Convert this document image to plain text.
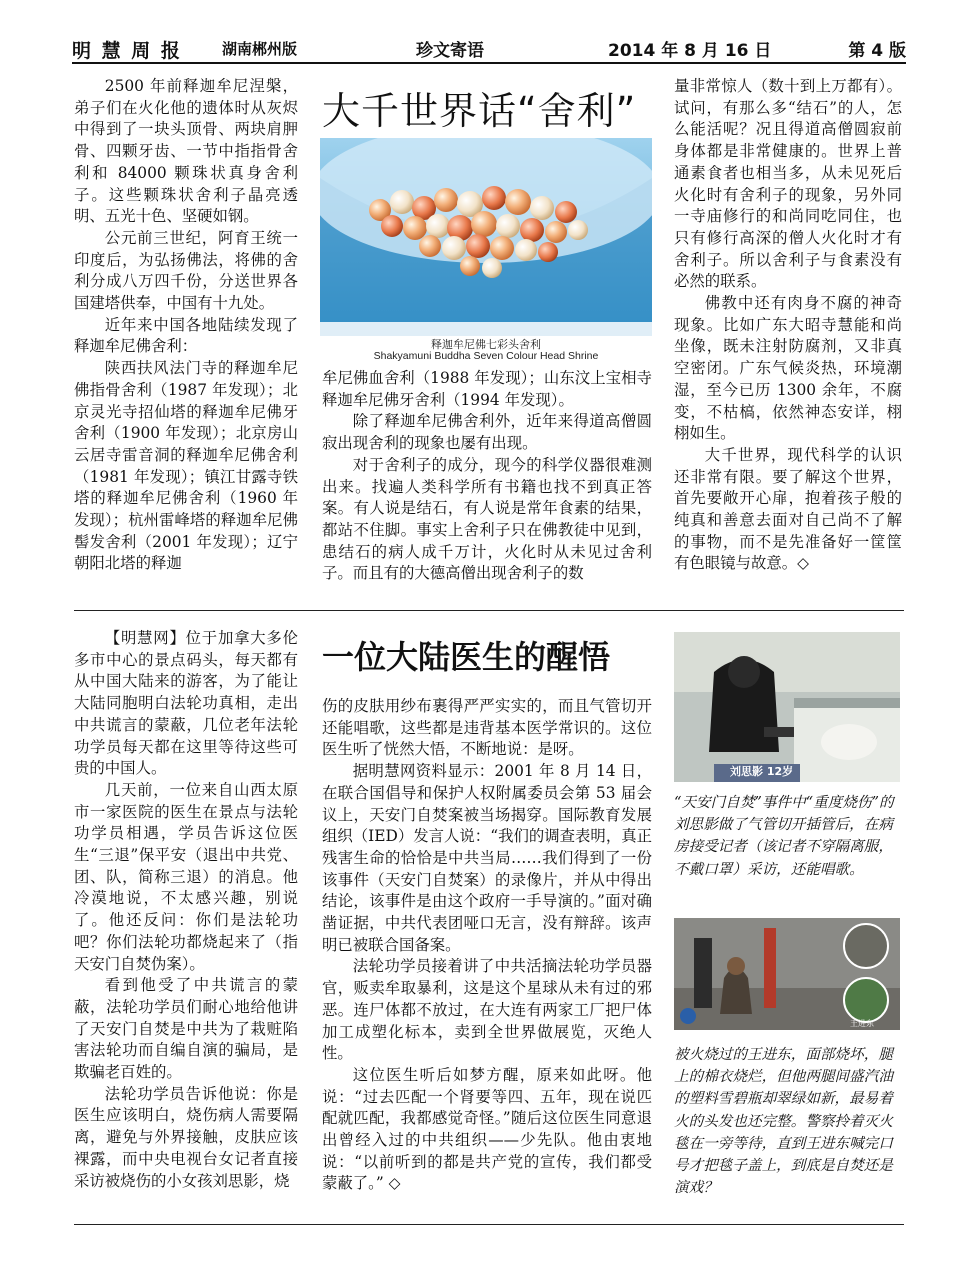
明 慧 周 报	湖南郴州版	珍文寄语	2014 年 8 月 16 日	第 4 版

2500 年前释迦牟尼涅槃，弟子们在火化他的遗体时从灰烬中得到了一块头顶骨、两块肩胛骨、四颗牙齿、一节中指指骨舍利和 84000 颗珠状真身舍利子。这些颗珠状舍利子晶亮透明、五光十色、坚硬如钢。

公元前三世纪，阿育王统一印度后，为弘扬佛法，将佛的舍利分成八万四千份，分送世界各国建塔供奉，中国有十九处。

近年来中国各地陆续发现了释迦牟尼佛舍利：

陕西扶风法门寺的释迦牟尼佛指骨舍利（1987 年发现）；北京灵光寺招仙塔的释迦牟尼佛牙舍利（1900 年发现）；北京房山云居寺雷音洞的释迦牟尼佛舍利（1981 年发现）；镇江甘露寺铁塔的释迦牟尼佛舍利（1960 年发现）；杭州雷峰塔的释迦牟尼佛髻发舍利（2001 年发现）；辽宁朝阳北塔的释迦

大千世界话“舍利”
释迦牟尼佛七彩头舍利
Shakyamuni Buddha Seven Colour Head Shrine

牟尼佛血舍利（1988 年发现）；山东汶上宝相寺释迦牟尼佛牙舍利（1994 年发现）。

除了释迦牟尼佛舍利外，近年来得道高僧圆寂出现舍利的现象也屡有出现。

对于舍利子的成分，现今的科学仪器很难测出来。找遍人类科学所有书籍也找不到真正答案。有人说是结石，有人说是常年食素的结果，都站不住脚。事实上舍利子只在佛教徒中见到，患结石的病人成千万计，火化时从未见过舍利子。而且有的大德高僧出现舍利子的数

量非常惊人（数十到上万都有）。试问，有那么多“结石”的人，怎么能活呢？况且得道高僧圆寂前身体都是非常健康的。世界上普通素食者也相当多，从未见死后火化时有舍利子的现象，另外同一寺庙修行的和尚同吃同住，也只有修行高深的僧人火化时才有舍利子。所以舍利子与食素没有必然的联系。

佛教中还有肉身不腐的神奇现象。比如广东大昭寺慧能和尚坐像，既未注射防腐剂，又非真空密闭。广东气候炎热，环境潮湿，至今已历 1300 余年，不腐变，不枯槁，依然神态安详，栩栩如生。

大千世界，现代科学的认识还非常有限。要了解这个世界，首先要敞开心扉，抱着孩子般的纯真和善意去面对自己尚不了解的事物，而不是先准备好一筐筐有色眼镜与故意。◇

【明慧网】位于加拿大多伦多市中心的景点码头，每天都有从中国大陆来的游客，为了能让大陆同胞明白法轮功真相，走出中共谎言的蒙蔽，几位老年法轮功学员每天都在这里等待这些可贵的中国人。

几天前，一位来自山西太原市一家医院的医生在景点与法轮功学员相遇，学员告诉这位医生“三退”保平安（退出中共党、团、队，简称三退）的消息。他冷漠地说，不太感兴趣，别说了。他还反问：你们是法轮功吧？你们法轮功都烧起来了（指天安门自焚伪案）。

看到他受了中共谎言的蒙蔽，法轮功学员们耐心地给他讲了天安门自焚是中共为了栽赃陷害法轮功而自编自演的骗局，是欺骗老百姓的。

法轮功学员告诉他说：你是医生应该明白，烧伤病人需要隔离，避免与外界接触，皮肤应该裸露，而中央电视台女记者直接采访被烧伤的小女孩刘思影，烧

一位大陆医生的醒悟

伤的皮肤用纱布裹得严严实实的，而且气管切开还能唱歌，这些都是违背基本医学常识的。这位医生听了恍然大悟，不断地说：是呀。

据明慧网资料显示：2001 年 8 月 14 日，在联合国倡导和保护人权附属委员会第 53 届会议上，天安门自焚案被当场揭穿。国际教育发展组织（IED）发言人说：“我们的调查表明，真正残害生命的恰恰是中共当局……我们得到了一份该事件（天安门自焚案）的录像片，并从中得出结论，该事件是由这个政府一手导演的。”面对确凿证据，中共代表团哑口无言，没有辩辞。该声明已被联合国备案。

法轮功学员接着讲了中共活摘法轮功学员器官，贩卖牟取暴利，这是这个星球从未有过的邪恶。连尸体都不放过，在大连有两家工厂把尸体加工成塑化标本，卖到全世界做展览，灭绝人性。

这位医生听后如梦方醒，原来如此呀。他说：“过去匹配一个肾要等四、五年，现在说匹配就匹配，我都感觉奇怪。”随后这位医生同意退出曾经入过的中共组织——少先队。他由衷地说：“以前听到的都是共产党的宣传，我们都受蒙蔽了。” ◇

刘思影 12岁
“天安门自焚”事件中“重度烧伤”的刘思影做了气管切开插管后，在病房接受记者（该记者不穿隔离服，不戴口罩）采访，还能唱歌。
王进东
被火烧过的王进东，面部烧坏，腿上的棉衣烧烂，但他两腿间盛汽油的塑料雪碧瓶却翠绿如新，最易着火的头发也还完整。警察拎着灭火毯在一旁等待，直到王进东喊完口号才把毯子盖上，到底是自焚还是演戏？
